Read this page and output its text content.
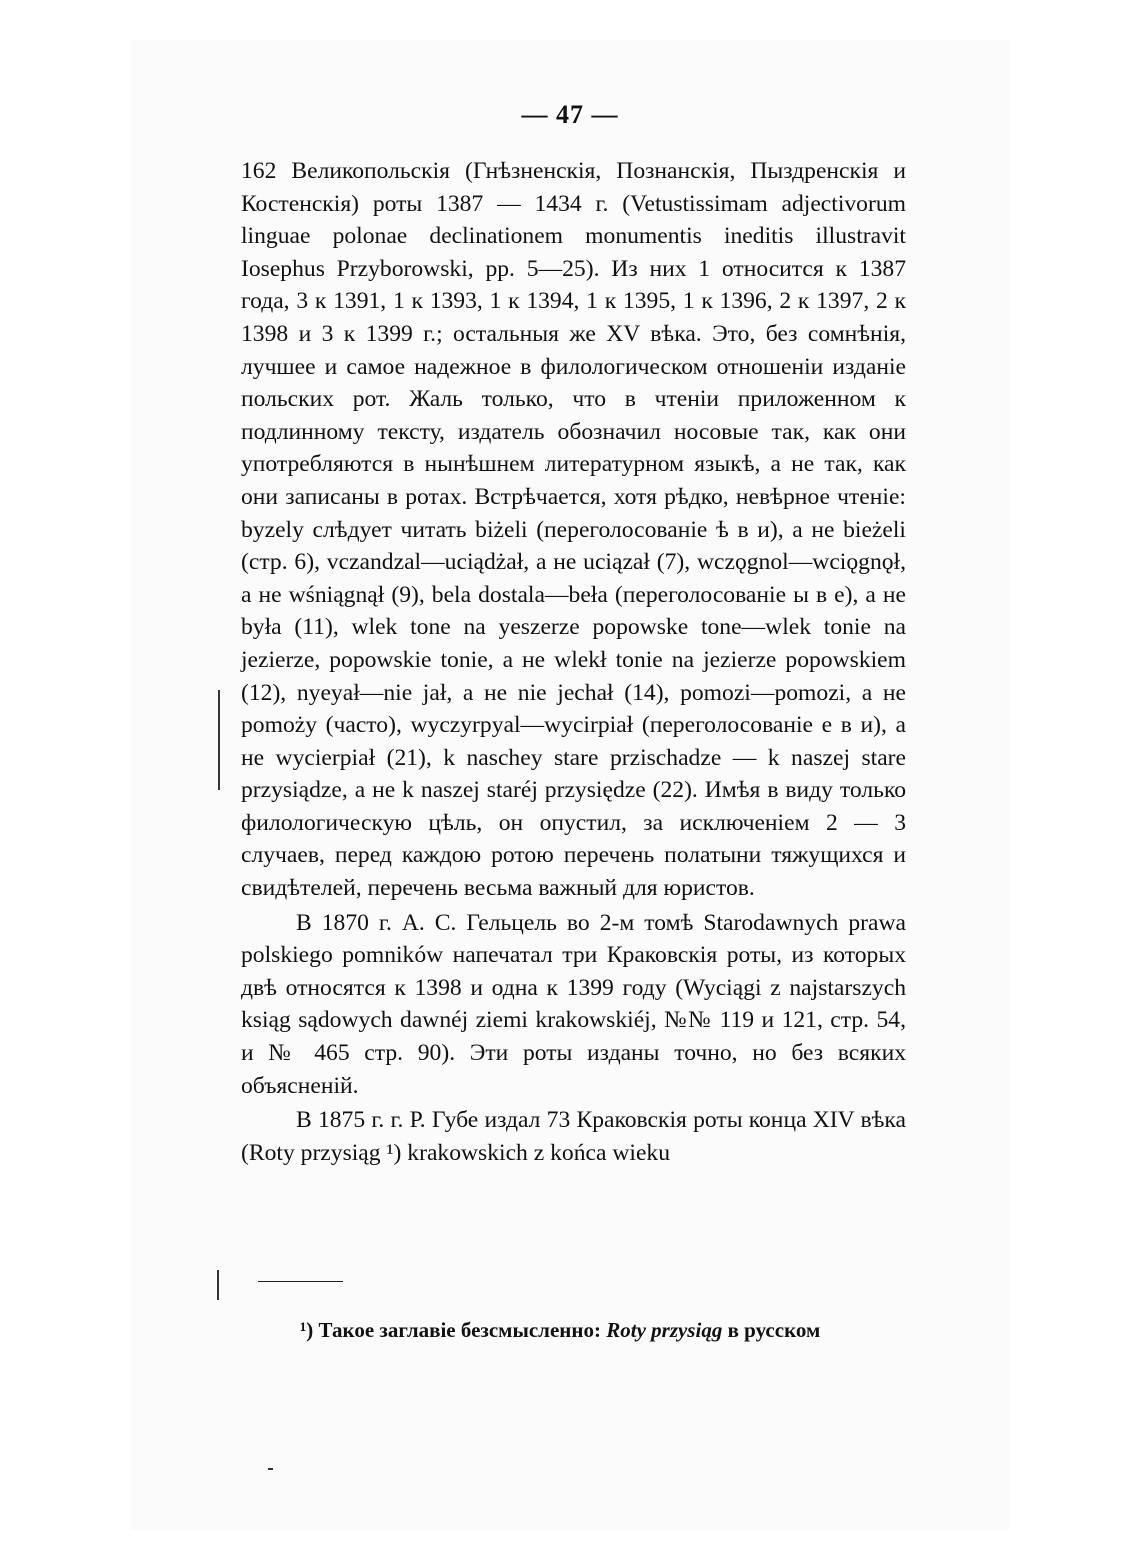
— 47 —

162 Великопольскія (Гнѣзненскія, Познанскія, Пыздренскія и Костенскія) роты 1387 — 1434 г. (Vetustissimam adjectivorum linguae polonae declinationem monumentis ineditis illustravit Iosephus Przyborowski, pp. 5—25). Из них 1 относится к 1387 года, 3 к 1391, 1 к 1393, 1 к 1394, 1 к 1395, 1 к 1396, 2 к 1397, 2 к 1398 и 3 к 1399 г.; остальныя же XV вѣка. Это, без сомнѣнія, лучшее и самое надежное в филологическом отношеніи изданіе польских рот. Жаль только, что в чтеніи приложенном к подлинному тексту, издатель обозначил носовые так, как они употребляются в нынѣшнем литературном языкѣ, а не так, как они записаны в ротах. Встрѣчается, хотя рѣдко, невѣрное чтеніе: byzely слѣдует читать biżeli (переголосованіе ѣ в и), а не bieżeli (стр. 6), vczandzal—uciądżał, а не uciązał (7), wczǫgnol—wciǫgnǫł, а не wśniągnął (9), bela dostala—beła (переголосованіе ы в е), а не była (11), wlek tone na yeszerze popowske tone—wlek tonie na jezierze, popowskie tonie, а не wlekł tonie na jezierze popowskiem (12), nyeyał—nie jał, а не nie jechał (14), pomozi—pomozi, а не pomoży (часто), wyczyrpyal—wycirpiał (переголосованіе е в и), а не wycierpiał (21), k naschey stare przischadze — k naszej stare przysiądze, а не k naszej staréj przysiędze (22). Имѣя в виду только филологическую цѣль, он опустил, за исключеніем 2 — 3 случаев, перед каждою ротою перечень полатыни тяжущихся и свидѣтелей, перечень весьма важный для юристов.

В 1870 г. А. С. Гельцель во 2-м томѣ Starodawnych prawa polskiego pomników напечатал три Краковскія роты, из которых двѣ относятся к 1398 и одна к 1399 году (Wyciągi z najstarszych ksiąg sądowych dawnéj ziemi krakowskiéj, №№ 119 и 121, стр. 54, и № 465 стр. 90). Эти роты изданы точно, но без всяких объясненій.

В 1875 г. г. Р. Губе издал 73 Краковскія роты конца XIV вѣка (Roty przysiąg ¹) krakowskich z końca wieku

¹) Такое заглавіе безсмысленно: Roty przysiąg в русском
